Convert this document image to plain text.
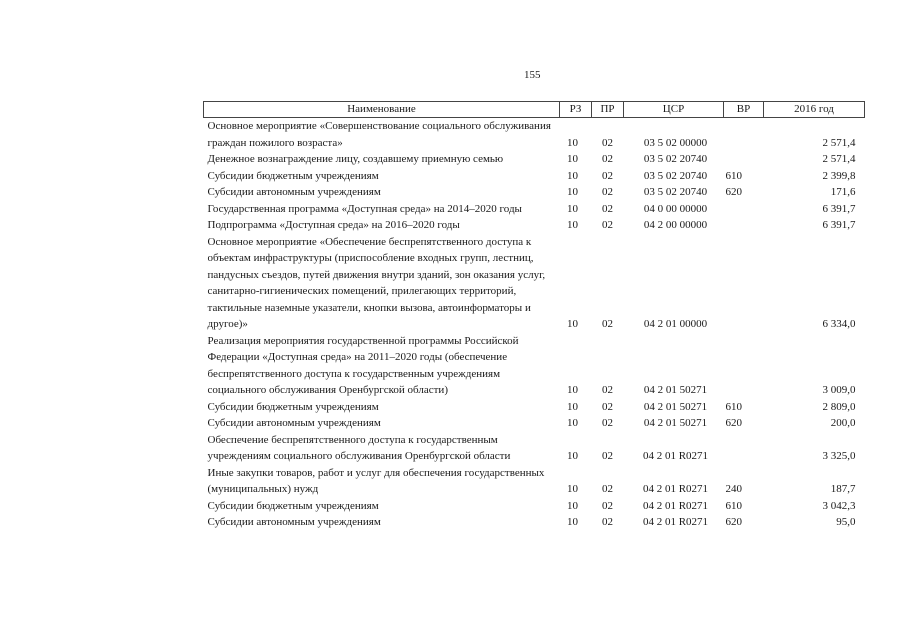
155
Наименование	РЗ	ПР	ЦСР	ВР	2016 год
Основное мероприятие «Совершенствование социального обслуживания граждан пожилого возраста»	10	02	03 5 02 00000		2 571,4
Денежное вознаграждение лицу, создавшему приемную семью	10	02	03 5 02 20740		2 571,4
Субсидии бюджетным учреждениям	10	02	03 5 02 20740	610	2 399,8
Субсидии автономным учреждениям	10	02	03 5 02 20740	620	171,6
Государственная программа «Доступная среда» на 2014–2020 годы	10	02	04 0 00 00000		6 391,7
Подпрограмма «Доступная среда» на 2016–2020 годы	10	02	04 2 00 00000		6 391,7
Основное мероприятие «Обеспечение беспрепятственного доступа к объектам инфраструктуры (приспособление входных групп, лестниц, пандусных съездов, путей движения внутри зданий, зон оказания услуг, санитарно-гигиенических помещений, прилегающих территорий, тактильные наземные указатели, кнопки вызова, автоинформаторы и другое)»	10	02	04 2 01 00000		6 334,0
Реализация мероприятия государственной программы Российской Федерации «Доступная среда» на 2011–2020 годы (обеспечение беспрепятственного доступа к государственным учреждениям социального обслуживания Оренбургской области)	10	02	04 2 01 50271		3 009,0
Субсидии бюджетным учреждениям	10	02	04 2 01 50271	610	2 809,0
Субсидии автономным учреждениям	10	02	04 2 01 50271	620	200,0
Обеспечение беспрепятственного доступа к государственным учреждениям социального обслуживания Оренбургской области	10	02	04 2 01 R0271		3 325,0
Иные закупки товаров, работ и услуг для обеспечения государственных (муниципальных) нужд	10	02	04 2 01 R0271	240	187,7
Субсидии бюджетным учреждениям	10	02	04 2 01 R0271	610	3 042,3
Субсидии автономным учреждениям	10	02	04 2 01 R0271	620	95,0
